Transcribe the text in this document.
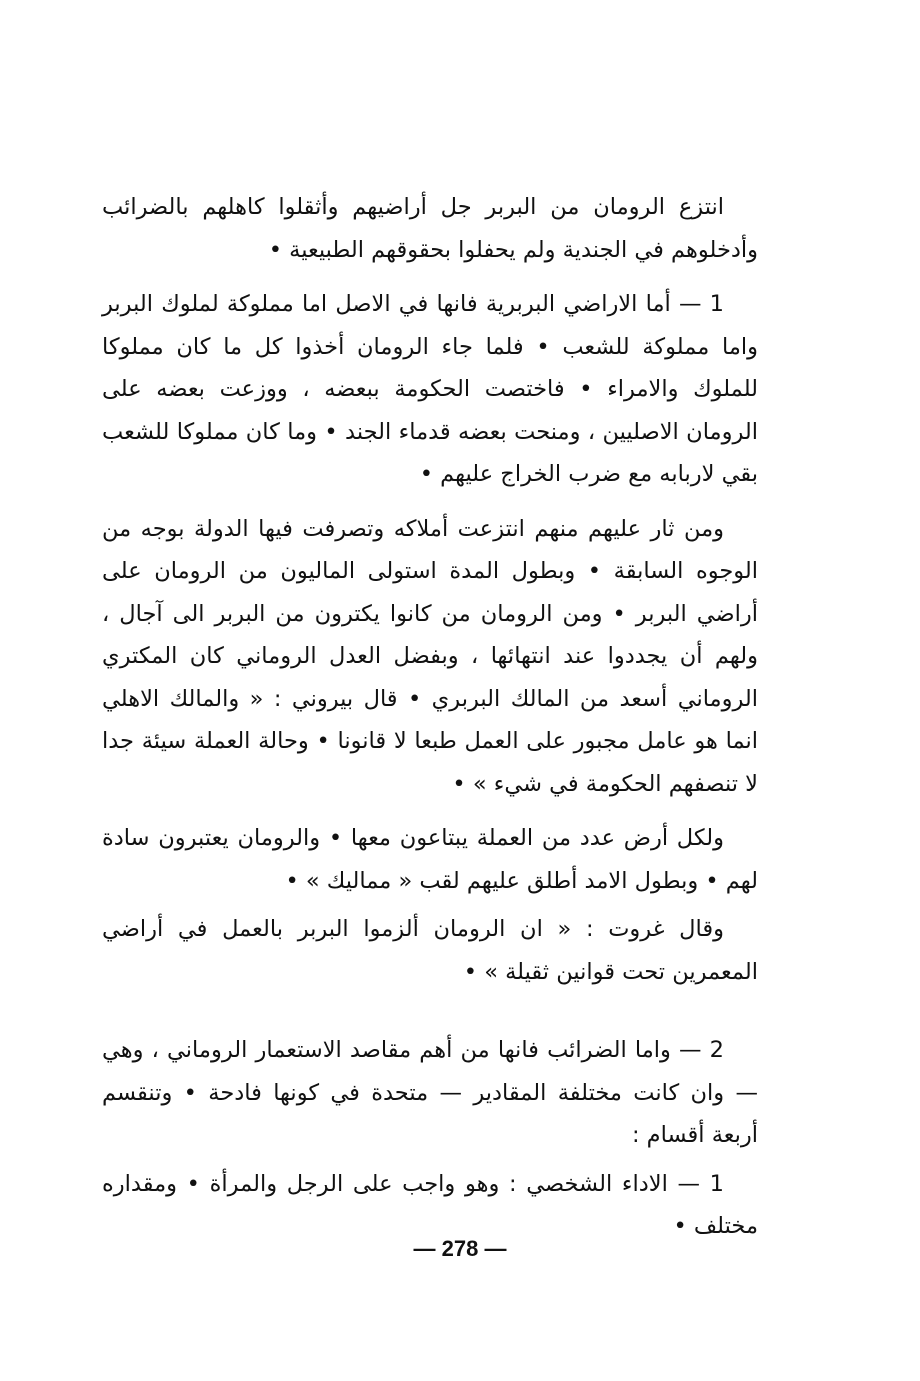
انتزع الرومان من البربر جل أراضيهم وأثقلوا كاهلهم بالضرائب وأدخلوهم في الجندية ولم يحفلوا بحقوقهم الطبيعية •

1 — أما الاراضي البربرية فانها في الاصل اما مملوكة لملوك البربر واما مملوكة للشعب • فلما جاء الرومان أخذوا كل ما كان مملوكا للملوك والامراء • فاختصت الحكومة ببعضه ، ووزعت بعضه على الرومان الاصليين ، ومنحت بعضه قدماء الجند • وما كان مملوكا للشعب بقي لاربابه مع ضرب الخراج عليهم •

ومن ثار عليهم منهم انتزعت أملاكه وتصرفت فيها الدولة بوجه من الوجوه السابقة • وبطول المدة استولى الماليون من الرومان على أراضي البربر • ومن الرومان من كانوا يكترون من البربر الى آجال ، ولهم أن يجددوا عند انتهائها ، وبفضل العدل الروماني كان المكتري الروماني أسعد من المالك البربري • قال بيروني : « والمالك الاهلي انما هو عامل مجبور على العمل طبعا لا قانونا • وحالة العملة سيئة جدا لا تنصفهم الحكومة في شيء » •

ولكل أرض عدد من العملة يبتاعون معها • والرومان يعتبرون سادة لهم • وبطول الامد أطلق عليهم لقب « مماليك » •

وقال غروت : « ان الرومان ألزموا البربر بالعمل في أراضي المعمرين تحت قوانين ثقيلة » •

2 — واما الضرائب فانها من أهم مقاصد الاستعمار الروماني ، وهي — وان كانت مختلفة المقادير — متحدة في كونها فادحة • وتنقسم أربعة أقسام :

1 — الاداء الشخصي : وهو واجب على الرجل والمرأة • ومقداره مختلف •

— 278 —
